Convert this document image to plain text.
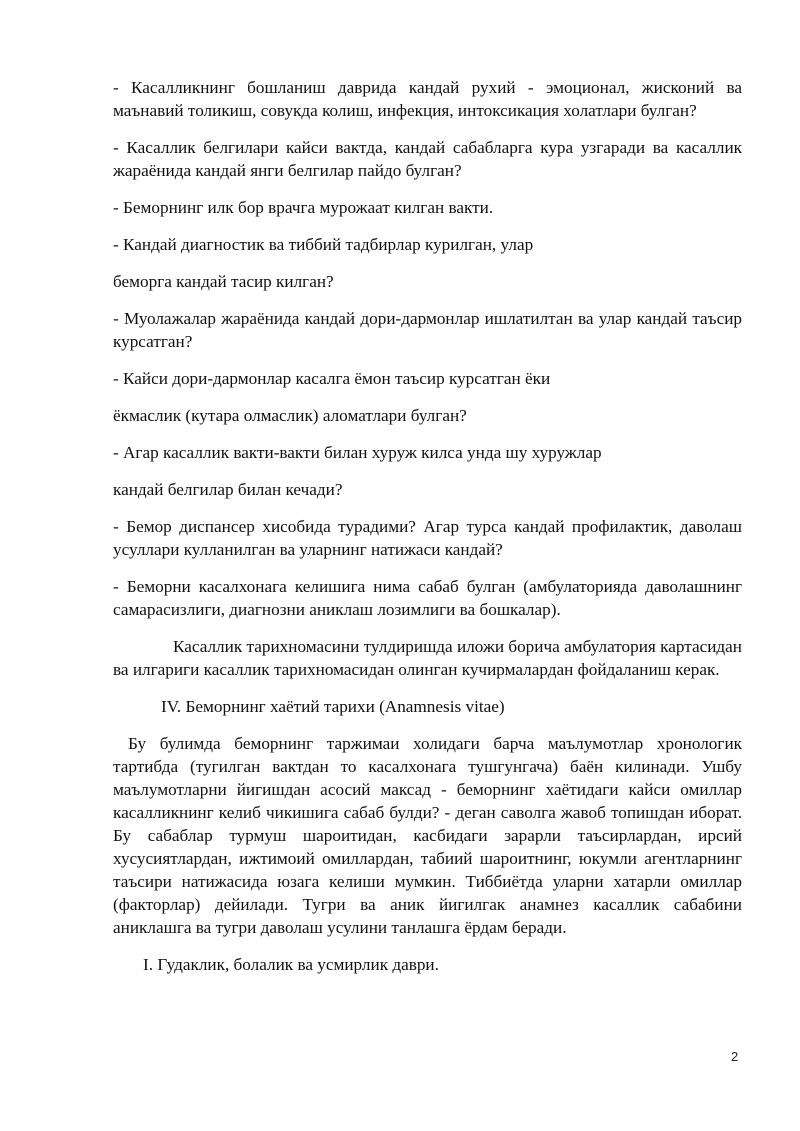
- Касалликнинг бошланиш даврида кандай рухий - эмоционал, жисконий ва маънавий толикиш, совукда колиш, инфекция, интоксикация холатлари булган?

- Касаллик белгилари кайси вактда, кандай сабабларга кура узгаради ва касаллик жараёнида кандай янги белгилар пайдо булган?

- Беморнинг илк бор врачга мурожаат килган вакти.

- Кандай диагностик ва тиббий тадбирлар курилган, улар

беморга кандай тасир килган?

- Муолажалар жараёнида кандай дори-дармонлар ишлатилтан ва улар кандай таъсир курсатган?

- Кайси дори-дармонлар касалга ёмон таъсир курсатган ёки

ёкмаслик (кутара олмаслик) аломатлари булган?

- Агар касаллик вакти-вакти билан хуруж килса унда шу хуружлар

кандай белгилар билан кечади?

- Бемор диспансер хисобида турадими? Агар турса кандай профилактик, даволаш усуллари кулланилган ва уларнинг натижаси кандай?

- Беморни касалхонага келишига нима сабаб булган (амбулаторияда даволашнинг самарасизлиги, диагнозни аниклаш лозимлиги ва бошкалар).

Касаллик тарихномасини тулдиришда иложи борича амбулатория картасидан ва илгариги касаллик тарихномасидан олинган кучирмалардан фойдаланиш керак.

IV. Беморнинг хаётий тарихи (Anamnesis vitae)

Бу булимда беморнинг таржимаи холидаги барча маълумотлар хронологик тартибда (тугилган вактдан то касалхонага тушгунгача) баён килинади. Ушбу маълумотларни йигишдан асосий максад - беморнинг хаётидаги кайси омиллар касалликнинг келиб чикишига сабаб булди? - деган саволга жавоб топишдан иборат. Бу сабаблар турмуш шароитидан, касбидаги зарарли таъсирлардан, ирсий хусусиятлардан, ижтимоий омиллардан, табиий шароитнинг, юкумли агентларнинг таъсири натижасида юзага келиши мумкин. Тиббиётда уларни хатарли омиллар (факторлар) дейилади. Тугри ва аник йигилгак анамнез касаллик сабабини аниклашга ва тугри даволаш усулини танлашга ёрдам беради.

I. Гудаклик, болалик ва усмирлик даври.
2
